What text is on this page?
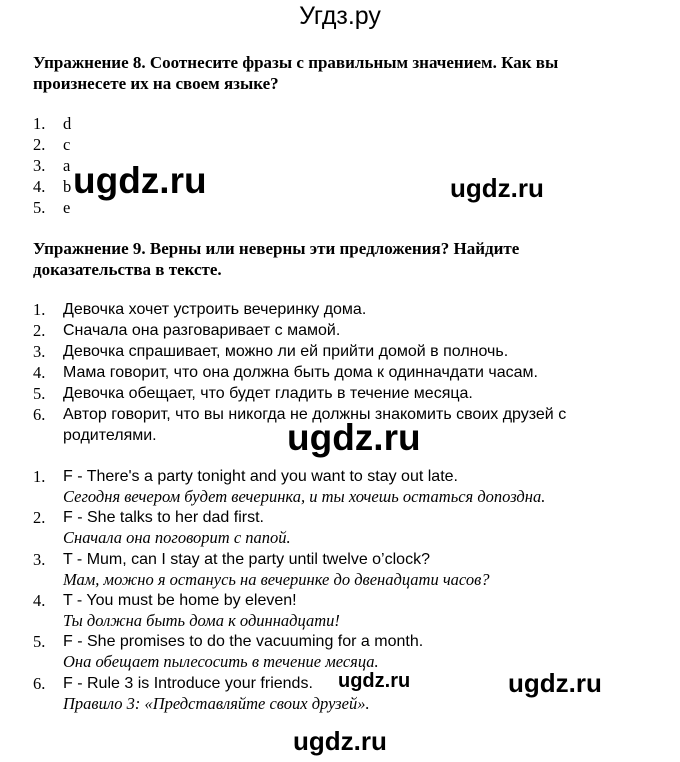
Угдз.ру
Упражнение 8. Соотнесите фразы с правильным значением. Как вы произнесете их на своем языке?
1. d
2. c
3. a
4. b
5. e
Упражнение 9. Верны или неверны эти предложения? Найдите доказательства в тексте.
1. Девочка хочет устроить вечеринку дома.
2. Сначала она разговаривает с мамой.
3. Девочка спрашивает, можно ли ей прийти домой в полночь.
4. Мама говорит, что она должна быть дома к одинначдати часам.
5. Девочка обещает, что будет гладить в течение месяца.
6. Автор говорит, что вы никогда не должны знакомить своих друзей с
родителями.
1. F - There's a party tonight and you want to stay out late.
Сегодня вечером будет вечеринка, и ты хочешь остаться допоздна.
2. F - She talks to her dad first.
Сначала она поговорит с папой.
3. T - Mum, can I stay at the party until twelve o’clock?
Мам, можно я останусь на вечеринке до двенадцати часов?
4. T - You must be home by eleven!
Ты должна быть дома к одиннадцати!
5. F - She promises to do the vacuuming for a month.
Она обещает пылесосить в течение месяца.
6. F - Rule 3 is Introduce your friends.
Правило 3: «Представляйте своих друзей».
ugdz.ru	ugdz.ru
ugdz.ru
ugdz.ru	ugdz.ru
ugdz.ru
